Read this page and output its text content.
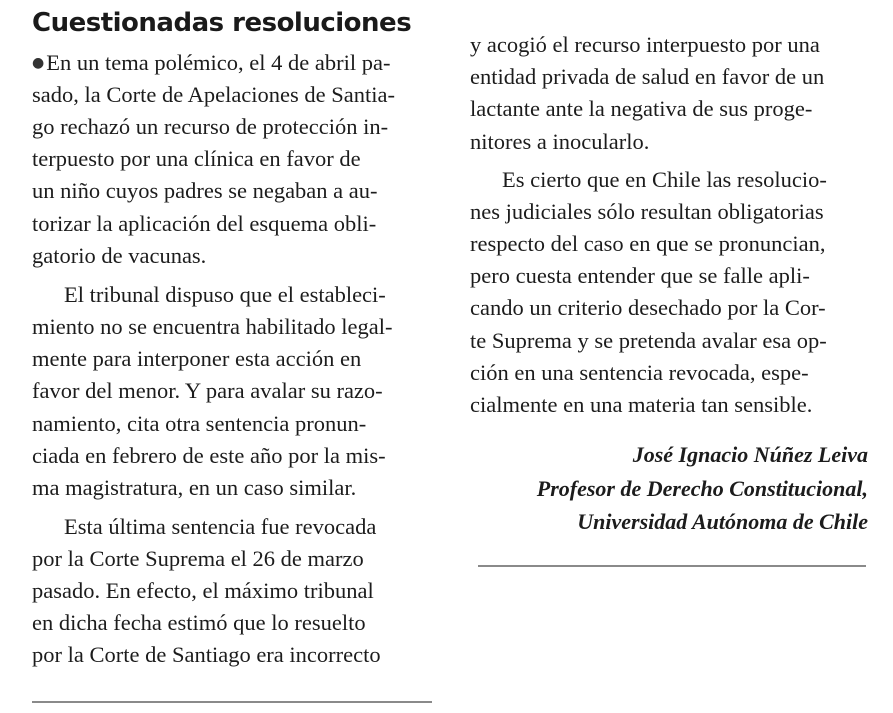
Cuestionadas resoluciones

●En un tema polémico, el 4 de abril pa-

sado, la Corte de Apelaciones de Santia-

go rechazó un recurso de protección in-

terpuesto por una clínica en favor de

un niño cuyos padres se negaban a au-

torizar la aplicación del esquema obli-

gatorio de vacunas.

El tribunal dispuso que el estableci-

miento no se encuentra habilitado legal-

mente para interponer esta acción en

favor del menor. Y para avalar su razo-

namiento, cita otra sentencia pronun-

ciada en febrero de este año por la mis-

ma magistratura, en un caso similar.

Esta última sentencia fue revocada

por la Corte Suprema el 26 de marzo

pasado. En efecto, el máximo tribunal

en dicha fecha estimó que lo resuelto

por la Corte de Santiago era incorrecto

y acogió el recurso interpuesto por una

entidad privada de salud en favor de un

lactante ante la negativa de sus proge-

nitores a inocularlo.

Es cierto que en Chile las resolucio-

nes judiciales sólo resultan obligatorias

respecto del caso en que se pronuncian,

pero cuesta entender que se falle apli-

cando un criterio desechado por la Cor-

te Suprema y se pretenda avalar esa op-

ción en una sentencia revocada, espe-

cialmente en una materia tan sensible.

José Ignacio Núñez Leiva

Profesor de Derecho Constitucional,

Universidad Autónoma de Chile
